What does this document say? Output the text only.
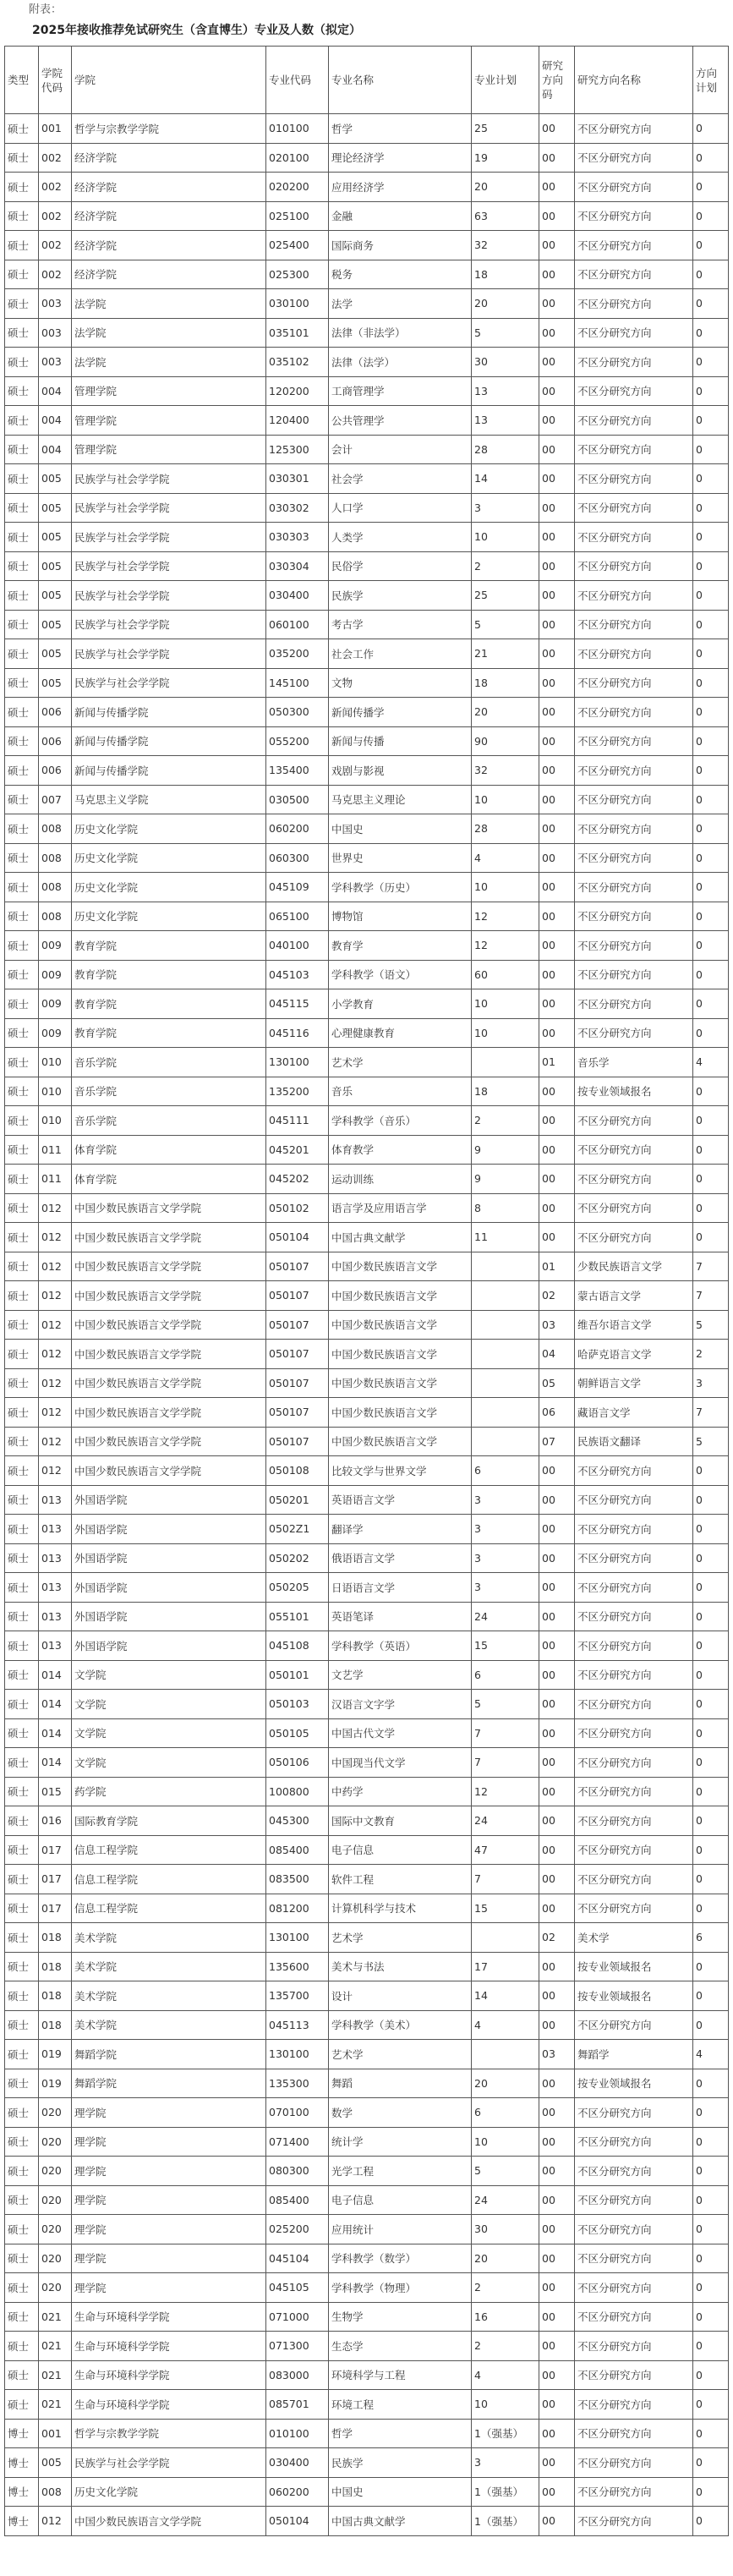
附表：
2025年接收推荐免试研究生（含直博生）专业及人数（拟定）
类型	学院代码	学院	专业代码	专业名称	专业计划	研究方向码	研究方向名称	方向计划
硕士	001	哲学与宗教学学院	010100	哲学	25	00	不区分研究方向	0
硕士	002	经济学院	020100	理论经济学	19	00	不区分研究方向	0
硕士	002	经济学院	020200	应用经济学	20	00	不区分研究方向	0
硕士	002	经济学院	025100	金融	63	00	不区分研究方向	0
硕士	002	经济学院	025400	国际商务	32	00	不区分研究方向	0
硕士	002	经济学院	025300	税务	18	00	不区分研究方向	0
硕士	003	法学院	030100	法学	20	00	不区分研究方向	0
硕士	003	法学院	035101	法律（非法学）	5	00	不区分研究方向	0
硕士	003	法学院	035102	法律（法学）	30	00	不区分研究方向	0
硕士	004	管理学院	120200	工商管理学	13	00	不区分研究方向	0
硕士	004	管理学院	120400	公共管理学	13	00	不区分研究方向	0
硕士	004	管理学院	125300	会计	28	00	不区分研究方向	0
硕士	005	民族学与社会学学院	030301	社会学	14	00	不区分研究方向	0
硕士	005	民族学与社会学学院	030302	人口学	3	00	不区分研究方向	0
硕士	005	民族学与社会学学院	030303	人类学	10	00	不区分研究方向	0
硕士	005	民族学与社会学学院	030304	民俗学	2	00	不区分研究方向	0
硕士	005	民族学与社会学学院	030400	民族学	25	00	不区分研究方向	0
硕士	005	民族学与社会学学院	060100	考古学	5	00	不区分研究方向	0
硕士	005	民族学与社会学学院	035200	社会工作	21	00	不区分研究方向	0
硕士	005	民族学与社会学学院	145100	文物	18	00	不区分研究方向	0
硕士	006	新闻与传播学院	050300	新闻传播学	20	00	不区分研究方向	0
硕士	006	新闻与传播学院	055200	新闻与传播	90	00	不区分研究方向	0
硕士	006	新闻与传播学院	135400	戏剧与影视	32	00	不区分研究方向	0
硕士	007	马克思主义学院	030500	马克思主义理论	10	00	不区分研究方向	0
硕士	008	历史文化学院	060200	中国史	28	00	不区分研究方向	0
硕士	008	历史文化学院	060300	世界史	4	00	不区分研究方向	0
硕士	008	历史文化学院	045109	学科教学（历史）	10	00	不区分研究方向	0
硕士	008	历史文化学院	065100	博物馆	12	00	不区分研究方向	0
硕士	009	教育学院	040100	教育学	12	00	不区分研究方向	0
硕士	009	教育学院	045103	学科教学（语文）	60	00	不区分研究方向	0
硕士	009	教育学院	045115	小学教育	10	00	不区分研究方向	0
硕士	009	教育学院	045116	心理健康教育	10	00	不区分研究方向	0
硕士	010	音乐学院	130100	艺术学		01	音乐学	4
硕士	010	音乐学院	135200	音乐	18	00	按专业领域报名	0
硕士	010	音乐学院	045111	学科教学（音乐）	2	00	不区分研究方向	0
硕士	011	体育学院	045201	体育教学	9	00	不区分研究方向	0
硕士	011	体育学院	045202	运动训练	9	00	不区分研究方向	0
硕士	012	中国少数民族语言文学学院	050102	语言学及应用语言学	8	00	不区分研究方向	0
硕士	012	中国少数民族语言文学学院	050104	中国古典文献学	11	00	不区分研究方向	0
硕士	012	中国少数民族语言文学学院	050107	中国少数民族语言文学		01	少数民族语言文学	7
硕士	012	中国少数民族语言文学学院	050107	中国少数民族语言文学		02	蒙古语言文学	7
硕士	012	中国少数民族语言文学学院	050107	中国少数民族语言文学		03	维吾尔语言文学	5
硕士	012	中国少数民族语言文学学院	050107	中国少数民族语言文学		04	哈萨克语言文学	2
硕士	012	中国少数民族语言文学学院	050107	中国少数民族语言文学		05	朝鲜语言文学	3
硕士	012	中国少数民族语言文学学院	050107	中国少数民族语言文学		06	藏语言文学	7
硕士	012	中国少数民族语言文学学院	050107	中国少数民族语言文学		07	民族语文翻译	5
硕士	012	中国少数民族语言文学学院	050108	比较文学与世界文学	6	00	不区分研究方向	0
硕士	013	外国语学院	050201	英语语言文学	3	00	不区分研究方向	0
硕士	013	外国语学院	0502Z1	翻译学	3	00	不区分研究方向	0
硕士	013	外国语学院	050202	俄语语言文学	3	00	不区分研究方向	0
硕士	013	外国语学院	050205	日语语言文学	3	00	不区分研究方向	0
硕士	013	外国语学院	055101	英语笔译	24	00	不区分研究方向	0
硕士	013	外国语学院	045108	学科教学（英语）	15	00	不区分研究方向	0
硕士	014	文学院	050101	文艺学	6	00	不区分研究方向	0
硕士	014	文学院	050103	汉语言文字学	5	00	不区分研究方向	0
硕士	014	文学院	050105	中国古代文学	7	00	不区分研究方向	0
硕士	014	文学院	050106	中国现当代文学	7	00	不区分研究方向	0
硕士	015	药学院	100800	中药学	12	00	不区分研究方向	0
硕士	016	国际教育学院	045300	国际中文教育	24	00	不区分研究方向	0
硕士	017	信息工程学院	085400	电子信息	47	00	不区分研究方向	0
硕士	017	信息工程学院	083500	软件工程	7	00	不区分研究方向	0
硕士	017	信息工程学院	081200	计算机科学与技术	15	00	不区分研究方向	0
硕士	018	美术学院	130100	艺术学		02	美术学	6
硕士	018	美术学院	135600	美术与书法	17	00	按专业领域报名	0
硕士	018	美术学院	135700	设计	14	00	按专业领域报名	0
硕士	018	美术学院	045113	学科教学（美术）	4	00	不区分研究方向	0
硕士	019	舞蹈学院	130100	艺术学		03	舞蹈学	4
硕士	019	舞蹈学院	135300	舞蹈	20	00	按专业领域报名	0
硕士	020	理学院	070100	数学	6	00	不区分研究方向	0
硕士	020	理学院	071400	统计学	10	00	不区分研究方向	0
硕士	020	理学院	080300	光学工程	5	00	不区分研究方向	0
硕士	020	理学院	085400	电子信息	24	00	不区分研究方向	0
硕士	020	理学院	025200	应用统计	30	00	不区分研究方向	0
硕士	020	理学院	045104	学科教学（数学）	20	00	不区分研究方向	0
硕士	020	理学院	045105	学科教学（物理）	2	00	不区分研究方向	0
硕士	021	生命与环境科学学院	071000	生物学	16	00	不区分研究方向	0
硕士	021	生命与环境科学学院	071300	生态学	2	00	不区分研究方向	0
硕士	021	生命与环境科学学院	083000	环境科学与工程	4	00	不区分研究方向	0
硕士	021	生命与环境科学学院	085701	环境工程	10	00	不区分研究方向	0
博士	001	哲学与宗教学学院	010100	哲学	1（强基）	00	不区分研究方向	0
博士	005	民族学与社会学学院	030400	民族学	3	00	不区分研究方向	0
博士	008	历史文化学院	060200	中国史	1（强基）	00	不区分研究方向	0
博士	012	中国少数民族语言文学学院	050104	中国古典文献学	1（强基）	00	不区分研究方向	0
